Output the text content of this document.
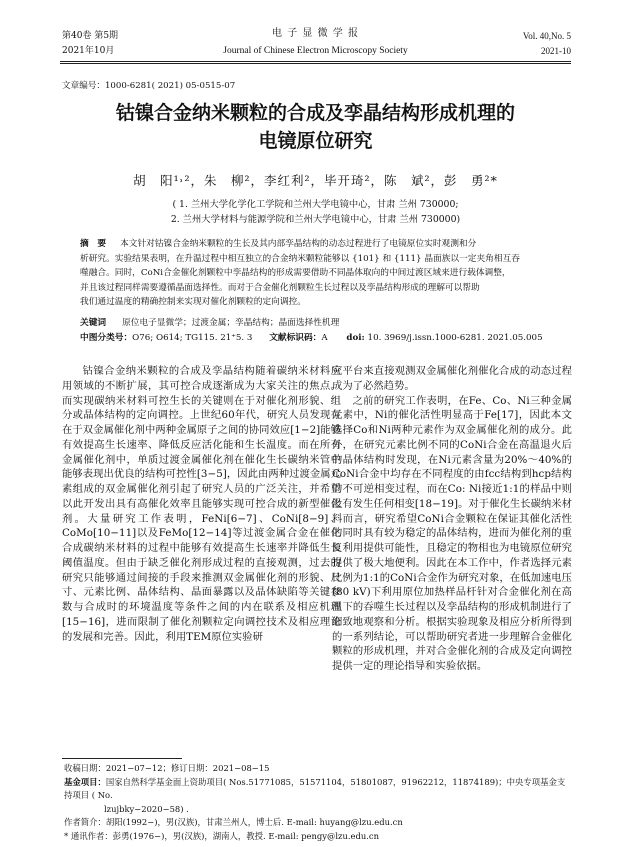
第40卷 第5期
2021年10月
电 子 显 微 学 报
Journal of Chinese Electron Microscopy Society
Vol. 40,No. 5
2021-10
文章编号：1000-6281( 2021) 05-0515-07
钴镍合金纳米颗粒的合成及孪晶结构形成机理的
电镜原位研究
胡　阳¹˒²，朱　柳²，李红利²，毕开琦²，陈　斌²，彭　勇²*
( 1. 兰州大学化学化工学院和兰州大学电镜中心，甘肃 兰州 730000;
2. 兰州大学材料与能源学院和兰州大学电镜中心，甘肃 兰州 730000)
摘　要 本文针对钴镍合金纳米颗粒的生长及其内部孪晶结构的动态过程进行了电镜原位实时观测和分
析研究。实验结果表明，在升温过程中相互独立的合金纳米颗粒能够以 {101} 和 {111} 晶面族以一定夹角相互吞
噬融合。同时，CoNi合金催化剂颗粒中孪晶结构的形成需要借助不同晶体取向的中间过渡区域来进行载体调整，
并且该过程同样需要遵循晶面选择性。而对于合金催化剂颗粒生长过程以及孪晶结构形成的理解可以帮助
我们通过温度的精确控制来实现对催化剂颗粒的定向调控。
关键词 原位电子显微学；过渡金属；孪晶结构；晶面选择性机理
中图分类号：O76; O614; TG115. 21⁺5. 3 文献标识码：A doi: 10. 3969/j.issn.1000-6281. 2021.05.005

钴镍合金纳米颗粒的合成及孪晶结构随着碳纳米材料应用领域的不断扩展，其可控合成逐渐成为大家关注的焦点。而实现碳纳米材料可控生长的关键则在于对催化剂形貌、组分或晶体结构的定向调控。上世纪60年代，研究人员发现存在于双金属催化剂中两种金属原子之间的协同效应[1−2]能够有效提高生长速率、降低反应活化能和生长温度。而在所有金属催化剂中，单质过渡金属催化剂在催化生长碳纳米管中能够表现出优良的结构可控性[3−5]，因此由两种过渡金属元素组成的双金属催化剂引起了研究人员的广泛关注，并希望以此开发出具有高催化效率且能够实现可控合成的新型催化剂。大量研究工作表明，FeNi[6−7]、CoNi[8−9]、CoMo[10−11]以及FeMo[12−14]等过渡金属合金在催化合成碳纳米材料的过程中能够有效提高生长速率并降低生长阈值温度。但由于缺乏催化剂形成过程的直接观测，过去的研究只能够通过间接的手段来推测双金属催化剂的形貌、尺寸、元素比例、晶体结构、晶面暴露以及晶体缺陷等关键参数与合成时的环境温度等条件之间的内在联系及相应机理[15−16]，进而限制了催化剂颗粒定向调控技术及相应理论的发展和完善。因此，利用TEM原位实验研

究平台来直接观测双金属催化剂催化合成的动态过程成为了必然趋势。

之前的研究工作表明，在Fe、Co、Ni三种金属元素中，Ni的催化活性明显高于Fe[17]，因此本文选择Co和Ni两种元素作为双金属催化剂的成分。此外，在研究元素比例不同的CoNi合金在高温退火后的晶体结构时发现，在Ni元素含量为20%～40%的CoNi合金中均存在不同程度的由fcc结构到hcp结构的不可逆相变过程，而在Co: Ni接近1:1的样品中则没有发生任何相变[18−19]。对于催化生长碳纳米材料而言，研究希望CoNi合金颗粒在保证其催化活性的同时具有较为稳定的晶体结构，进而为催化剂的重复利用提供可能性，且稳定的物相也为电镜原位研究提供了极大地便利。因此在本工作中，作者选择元素比例为1:1的CoNi合金作为研究对象，在低加速电压(80 kV)下利用原位加热样品杆针对合金催化剂在高温下的吞噬生长过程以及孪晶结构的形成机制进行了细致地观察和分析。根据实验现象及相应分析所得到的一系列结论，可以帮助研究者进一步理解合金催化颗粒的形成机理，并对合金催化剂的合成及定向调控提供一定的理论指导和实验依据。

收稿日期：2021−07−12；修订日期：2021−08−15
基金项目：国家自然科学基金面上资助项目( Nos.51771085，51571104，51801087，91962212，11874189)；中央专项基金支持项目 ( No.
lzujbky−2020−58) .
作者简介：胡阳(1992−)，男(汉族)，甘肃兰州人，博士后. E-mail: huyang@lzu.edu.cn
* 通讯作者：彭勇(1976−)，男(汉族)，湖南人，教授. E-mail: pengy@lzu.edu.cn
